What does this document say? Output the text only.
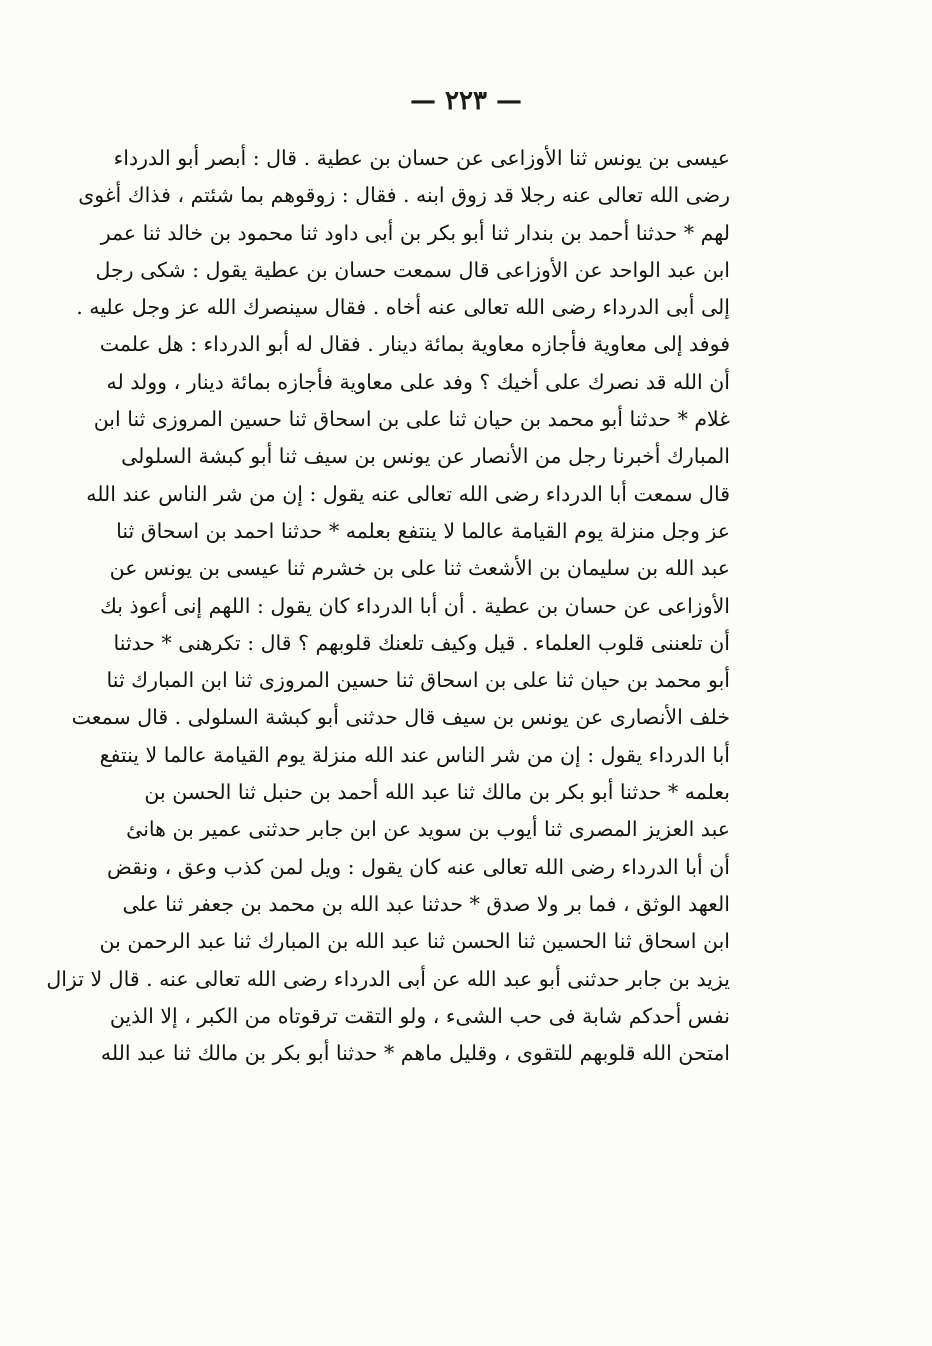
— ٢٢٣ —
عيسى بن يونس ثنا الأوزاعى عن حسان بن عطية . قال : أبصر أبو الدرداء
رضى الله تعالى عنه رجلا قد زوق ابنه . فقال : زوقوهم بما شئتم ، فذاك أغوى
لهم * حدثنا أحمد بن بندار ثنا أبو بكر بن أبى داود ثنا محمود بن خالد ثنا عمر
ابن عبد الواحد عن الأوزاعى قال سمعت حسان بن عطية يقول : شكى رجل
إلى أبى الدرداء رضى الله تعالى عنه أخاه . فقال سينصرك الله عز وجل عليه .
فوفد إلى معاوية فأجازه معاوية بمائة دينار . فقال له أبو الدرداء : هل علمت
أن الله قد نصرك على أخيك ؟ وفد على معاوية فأجازه بمائة دينار ، وولد له
غلام * حدثنا أبو محمد بن حيان ثنا على بن اسحاق ثنا حسين المروزى ثنا ابن
المبارك أخبرنا رجل من الأنصار عن يونس بن سيف ثنا أبو كبشة السلولى
قال سمعت أبا الدرداء رضى الله تعالى عنه يقول : إن من شر الناس عند الله
عز وجل منزلة يوم القيامة عالما لا ينتفع بعلمه * حدثنا احمد بن اسحاق ثنا
عبد الله بن سليمان بن الأشعث ثنا على بن خشرم ثنا عيسى بن يونس عن
الأوزاعى عن حسان بن عطية . أن أبا الدرداء كان يقول : اللهم إنى أعوذ بك
أن تلعننى قلوب العلماء . قيل وكيف تلعنك قلوبهم ؟ قال : تكرهنى * حدثنا
أبو محمد بن حيان ثنا على بن اسحاق ثنا حسين المروزى ثنا ابن المبارك ثنا
خلف الأنصارى عن يونس بن سيف قال حدثنى أبو كبشة السلولى . قال سمعت
أبا الدرداء يقول : إن من شر الناس عند الله منزلة يوم القيامة عالما لا ينتفع
بعلمه * حدثنا أبو بكر بن مالك ثنا عبد الله أحمد بن حنبل ثنا الحسن بن
عبد العزيز المصرى ثنا أيوب بن سويد عن ابن جابر حدثنى عمير بن هانئ
أن أبا الدرداء رضى الله تعالى عنه كان يقول : ويل لمن كذب وعق ، ونقض
العهد الوثق ، فما بر ولا صدق * حدثنا عبد الله بن محمد بن جعفر ثنا على
ابن اسحاق ثنا الحسين ثنا الحسن ثنا عبد الله بن المبارك ثنا عبد الرحمن بن
يزيد بن جابر حدثنى أبو عبد الله عن أبى الدرداء رضى الله تعالى عنه . قال لا تزال
نفس أحدكم شابة فى حب الشىء ، ولو التقت ترقوتاه من الكبر ، إلا الذين
امتحن الله قلوبهم للتقوى ، وقليل ماهم * حدثنا أبو بكر بن مالك ثنا عبد الله
